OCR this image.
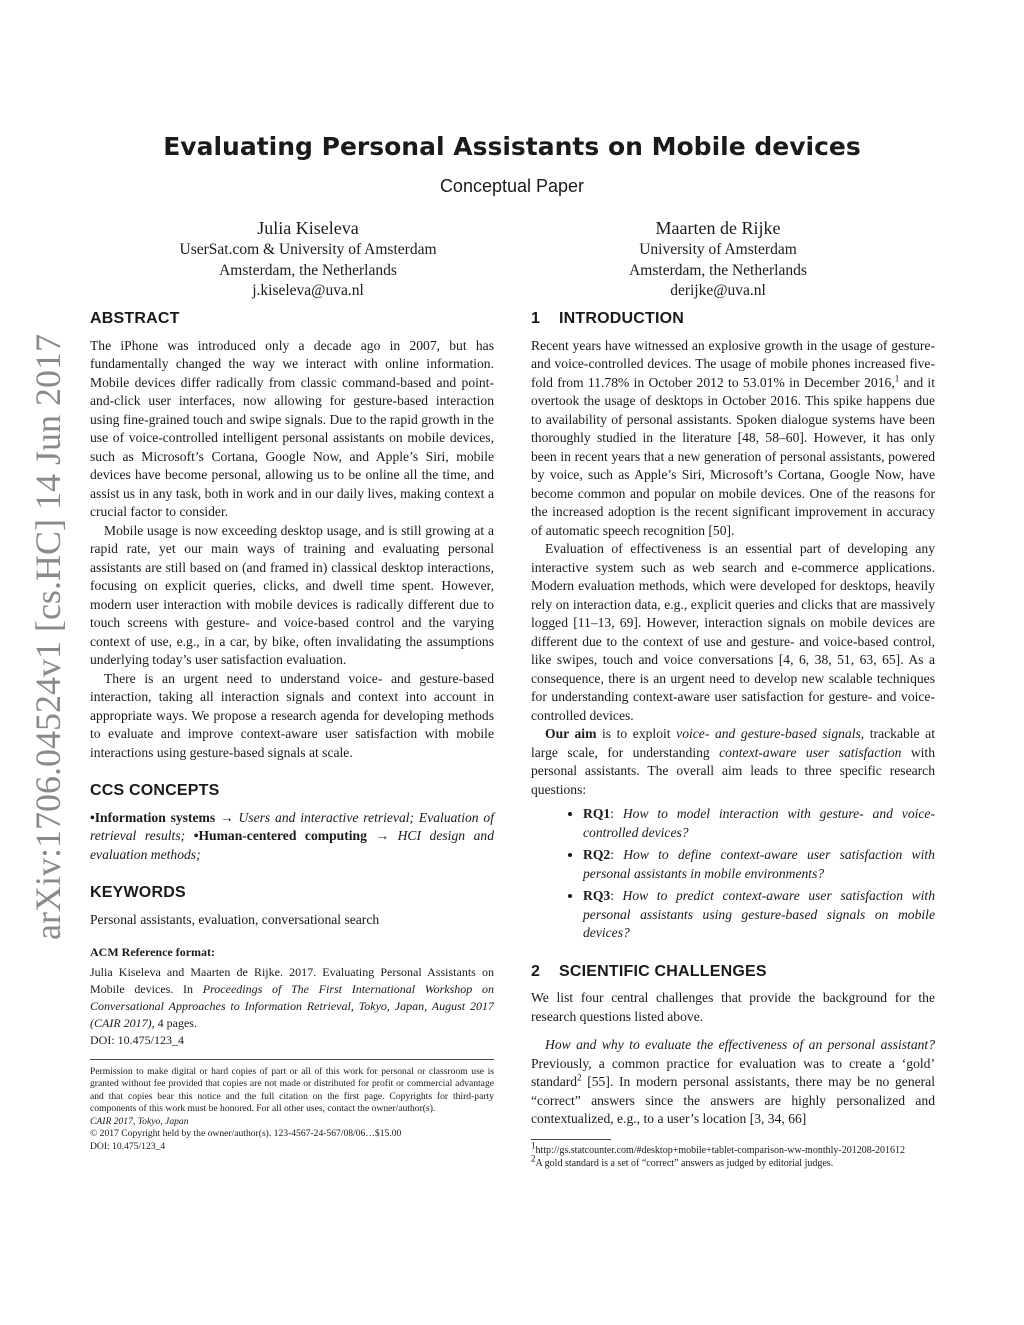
arXiv:1706.04524v1 [cs.HC] 14 Jun 2017
Evaluating Personal Assistants on Mobile devices
Conceptual Paper
Julia Kiseleva
UserSat.com & University of Amsterdam
Amsterdam, the Netherlands
j.kiseleva@uva.nl
Maarten de Rijke
University of Amsterdam
Amsterdam, the Netherlands
derijke@uva.nl
ABSTRACT

The iPhone was introduced only a decade ago in 2007, but has fundamentally changed the way we interact with online information. Mobile devices differ radically from classic command-based and point-and-click user interfaces, now allowing for gesture-based interaction using fine-grained touch and swipe signals. Due to the rapid growth in the use of voice-controlled intelligent personal assistants on mobile devices, such as Microsoft’s Cortana, Google Now, and Apple’s Siri, mobile devices have become personal, allowing us to be online all the time, and assist us in any task, both in work and in our daily lives, making context a crucial factor to consider.

Mobile usage is now exceeding desktop usage, and is still growing at a rapid rate, yet our main ways of training and evaluating personal assistants are still based on (and framed in) classical desktop interactions, focusing on explicit queries, clicks, and dwell time spent. However, modern user interaction with mobile devices is radically different due to touch screens with gesture- and voice-based control and the varying context of use, e.g., in a car, by bike, often invalidating the assumptions underlying today’s user satisfaction evaluation.

There is an urgent need to understand voice- and gesture-based interaction, taking all interaction signals and context into account in appropriate ways. We propose a research agenda for developing methods to evaluate and improve context-aware user satisfaction with mobile interactions using gesture-based signals at scale.

CCS CONCEPTS

•Information systems → Users and interactive retrieval; Evaluation of retrieval results; •Human-centered computing → HCI design and evaluation methods;

KEYWORDS

Personal assistants, evaluation, conversational search

ACM Reference format:

Julia Kiseleva and Maarten de Rijke. 2017. Evaluating Personal Assistants on Mobile devices. In Proceedings of The First International Workshop on Conversational Approaches to Information Retrieval, Tokyo, Japan, August 2017 (CAIR 2017), 4 pages.

DOI: 10.475/123_4

Permission to make digital or hard copies of part or all of this work for personal or classroom use is granted without fee provided that copies are not made or distributed for profit or commercial advantage and that copies bear this notice and the full citation on the first page. Copyrights for third-party components of this work must be honored. For all other uses, contact the owner/author(s).

CAIR 2017, Tokyo, Japan

© 2017 Copyright held by the owner/author(s). 123-4567-24-567/08/06…$15.00

DOI: 10.475/123_4

1 INTRODUCTION

Recent years have witnessed an explosive growth in the usage of gesture- and voice-controlled devices. The usage of mobile phones increased five-fold from 11.78% in October 2012 to 53.01% in December 2016,$^1$ and it overtook the usage of desktops in October 2016. This spike happens due to availability of personal assistants. Spoken dialogue systems have been thoroughly studied in the literature [48, 58–60]. However, it has only been in recent years that a new generation of personal assistants, powered by voice, such as Apple’s Siri, Microsoft’s Cortana, Google Now, have become common and popular on mobile devices. One of the reasons for the increased adoption is the recent significant improvement in accuracy of automatic speech recognition [50].

Evaluation of effectiveness is an essential part of developing any interactive system such as web search and e-commerce applications. Modern evaluation methods, which were developed for desktops, heavily rely on interaction data, e.g., explicit queries and clicks that are massively logged [11–13, 69]. However, interaction signals on mobile devices are different due to the context of use and gesture- and voice-based control, like swipes, touch and voice conversations [4, 6, 38, 51, 63, 65]. As a consequence, there is an urgent need to develop new scalable techniques for understanding context-aware user satisfaction for gesture- and voice-controlled devices.

Our aim is to exploit voice- and gesture-based signals, trackable at large scale, for understanding context-aware user satisfaction with personal assistants. The overall aim leads to three specific research questions:

• RQ1: How to model interaction with gesture- and voice-controlled devices?
• RQ2: How to define context-aware user satisfaction with personal assistants in mobile environments?
• RQ3: How to predict context-aware user satisfaction with personal assistants using gesture-based signals on mobile devices?
2 SCIENTIFIC CHALLENGES

We list four central challenges that provide the background for the research questions listed above.

How and why to evaluate the effectiveness of an personal assistant? Previously, a common practice for evaluation was to create a ‘gold’ standard$^2$ [55]. In modern personal assistants, there may be no general “correct” answers since the answers are highly personalized and contextualized, e.g., to a user’s location [3, 34, 66]

$^1$http://gs.statcounter.com/#desktop+mobile+tablet-comparison-ww-monthly-201208-201612

$^2$A gold standard is a set of “correct” answers as judged by editorial judges.
